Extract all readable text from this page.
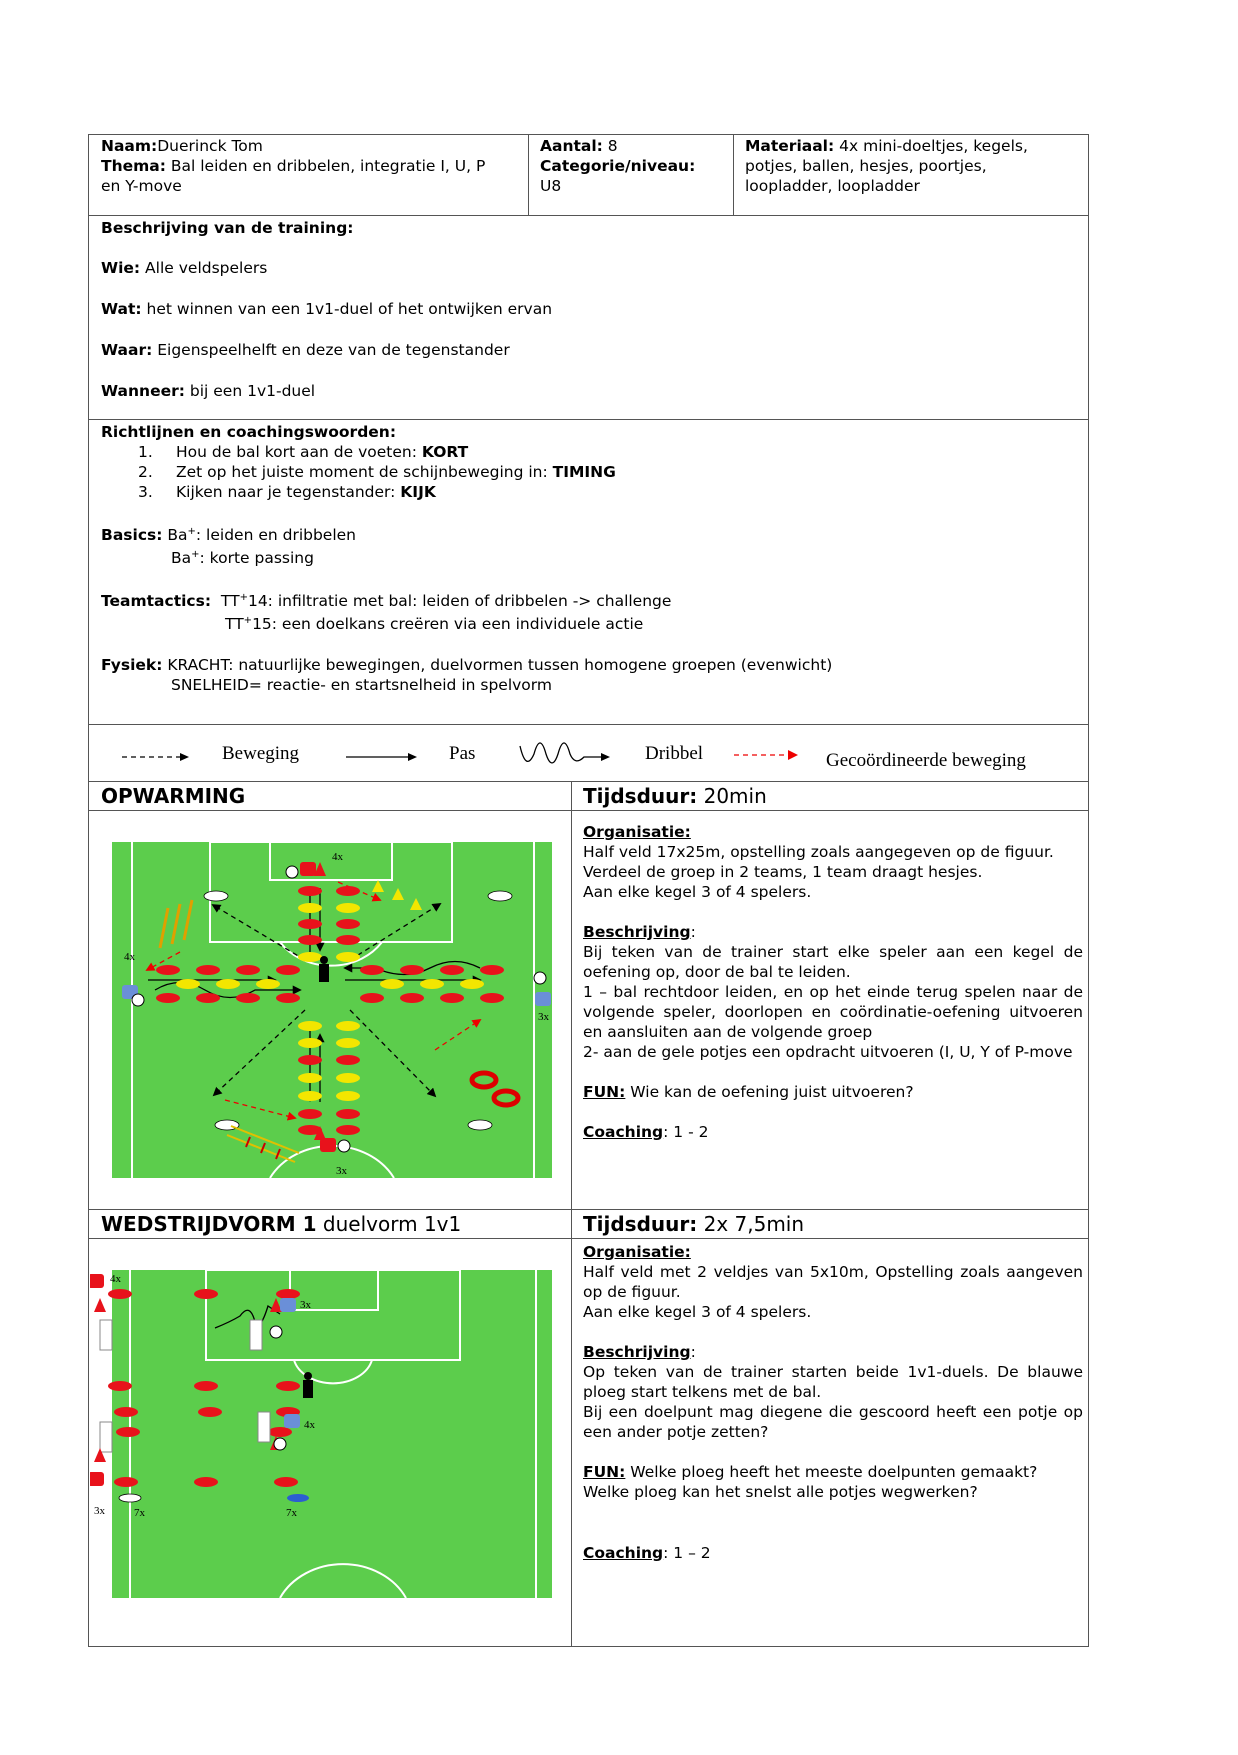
Naam:Duerinck Tom
Thema: Bal leiden en dribbelen, integratie I, U, P
en Y-move
Aantal: 8
Categorie/niveau:
U8
Materiaal: 4x mini-doeltjes, kegels,
potjes, ballen, hesjes, poortjes,
loopladder, loopladder
Beschrijving van de training:
Wie: Alle veldspelers
Wat: het winnen van een 1v1-duel of het ontwijken ervan
Waar: Eigenspeelhelft en deze van de tegenstander
Wanneer: bij een 1v1-duel
Richtlijnen en coachingswoorden:
1. Hou de bal kort aan de voeten: KORT
2. Zet op het juiste moment de schijnbeweging in: TIMING
3. Kijken naar je tegenstander: KIJK
Basics: Ba+: leiden en dribbelen
Ba+: korte passing
Teamtactics: TT+14: infiltratie met bal: leiden of dribbelen -> challenge
TT+15: een doelkans creëren via een individuele actie
Fysiek: KRACHT: natuurlijke bewegingen, duelvormen tussen homogene groepen (evenwicht)
SNELHEID= reactie- en startsnelheid in spelvorm
Beweging	Pas	Dribbel	Gecoördineerde beweging
OPWARMING	Tijdsduur: 20min
Organisatie:
Half veld 17x25m, opstelling zoals aangegeven op de figuur.
Verdeel de groep in 2 teams, 1 team draagt hesjes.
Aan elke kegel 3 of 4 spelers.
Beschrijving:

Bij teken van de trainer start elke speler aan een kegel de oefening op, door de bal te leiden.

1 – bal rechtdoor leiden, en op het einde terug spelen naar de volgende speler, doorlopen en coördinatie-oefening uitvoeren en aansluiten aan de volgende groep

2- aan de gele potjes een opdracht uitvoeren (I, U, Y of P-move

FUN: Wie kan de oefening juist uitvoeren?
Coaching: 1 - 2
4x
4x
3x
3x
WEDSTRIJDVORM 1 duelvorm 1v1	Tijdsduur: 2x 7,5min
Organisatie:

Half veld met 2 veldjes van 5x10m, Opstelling zoals aangeven op de figuur.

Aan elke kegel 3 of 4 spelers.

Beschrijving:

Op teken van de trainer starten beide 1v1-duels. De blauwe ploeg start telkens met de bal.

Bij een doelpunt mag diegene die gescoord heeft een potje op een ander potje zetten?

FUN: Welke ploeg heeft het meeste doelpunten gemaakt?
Welke ploeg kan het snelst alle potjes wegwerken?
Coaching: 1 – 2
4x
3x
4x
3x	7x	7x
